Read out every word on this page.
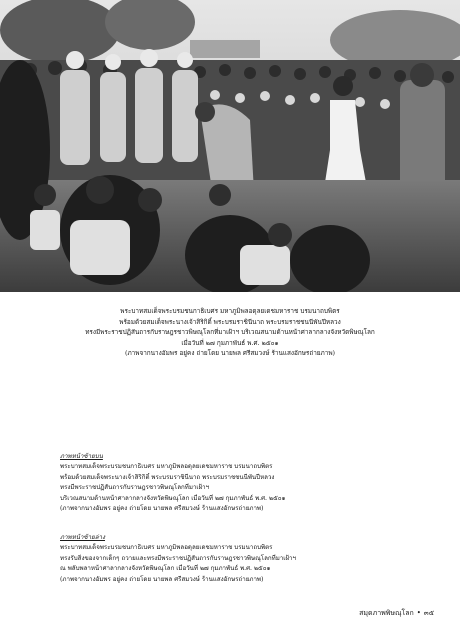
พระบาทสมเด็จพระบรมชนกาธิเบศร มหาภูมิพลอดุลยเดชมหาราช บรมนาถบพิตร
พร้อมด้วยสมเด็จพระนางเจ้าสิริกิติ์ พระบรมราชินีนาถ พระบรมราชชนนีพันปีหลวง
ทรงมีพระราชปฏิสันถารกับราษฎรชาวพิษณุโลกที่มาเฝ้าฯ บริเวณสนามด้านหน้าศาลากลางจังหวัดพิษณุโลก
เมื่อวันที่ ๒๗ กุมภาพันธ์ พ.ศ. ๒๕๐๑
(ภาพจากนางอัมพร อยู่คง ถ่ายโดย นายพล ศรีสมวงษ์ ร้านแสงอักษรถ่ายภาพ)
ภาพหน้าซ้ายบน
พระบาทสมเด็จพระบรมชนกาธิเบศร มหาภูมิพลอดุลยเดชมหาราช บรมนาถบพิตร
พร้อมด้วยสมเด็จพระนางเจ้าสิริกิติ์ พระบรมราชินีนาถ พระบรมราชชนนีพันปีหลวง
ทรงมีพระราชปฏิสันถารกับราษฎรชาวพิษณุโลกที่มาเฝ้าฯ
บริเวณสนามด้านหน้าศาลากลางจังหวัดพิษณุโลก เมื่อวันที่ ๒๗ กุมภาพันธ์ พ.ศ. ๒๕๐๑
(ภาพจากนางอัมพร อยู่คง ถ่ายโดย นายพล ศรีสมวงษ์ ร้านแสงอักษรถ่ายภาพ)
ภาพหน้าซ้ายล่าง
พระบาทสมเด็จพระบรมชนกาธิเบศร มหาภูมิพลอดุลยเดชมหาราช บรมนาถบพิตร
ทรงรับสิ่งของจากเด็กๆ ถวายและทรงมีพระราชปฏิสันถารกับราษฎรชาวพิษณุโลกที่มาเฝ้าฯ
ณ พลับพลาหน้าศาลากลางจังหวัดพิษณุโลก เมื่อวันที่ ๒๗ กุมภาพันธ์ พ.ศ. ๒๕๐๑
(ภาพจากนางอัมพร อยู่คง ถ่ายโดย นายพล ศรีสมวงษ์ ร้านแสงอักษรถ่ายภาพ)
สมุดภาพพิษณุโลก • ๓๕
